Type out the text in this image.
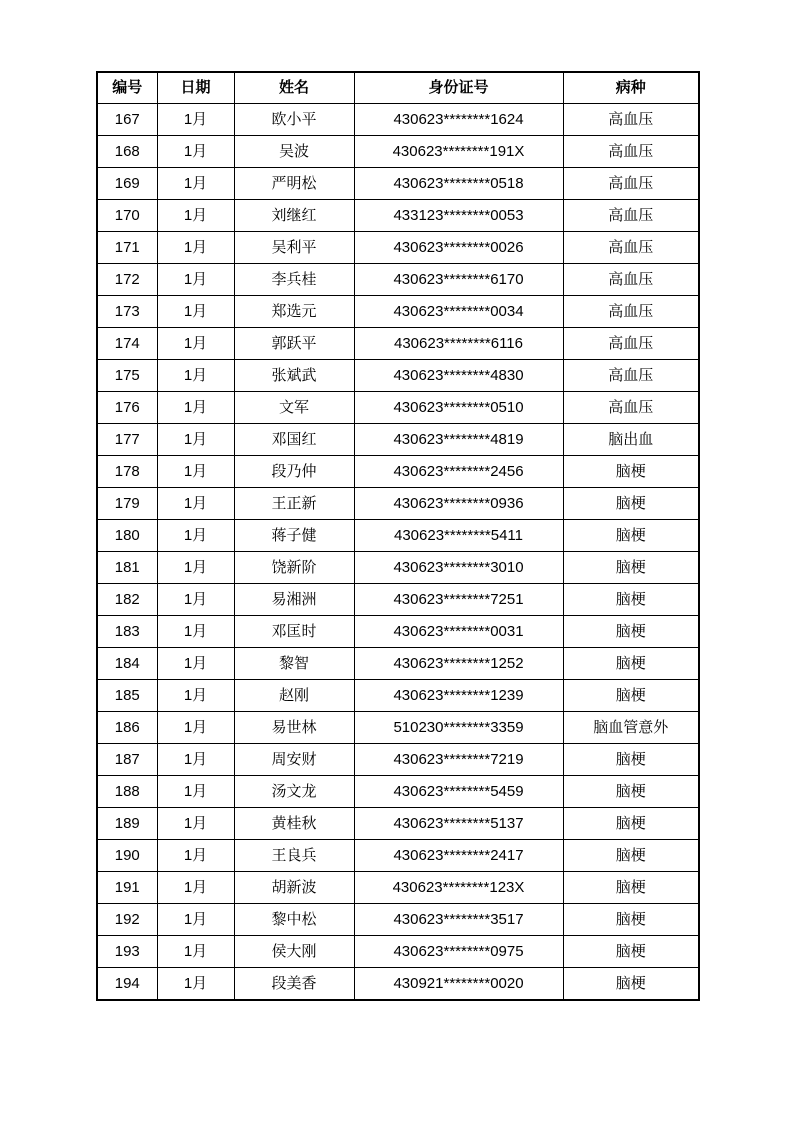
编号	日期	姓名	身份证号	病种
167	1月	欧小平	430623********1624	高血压
168	1月	吴波	430623********191X	高血压
169	1月	严明松	430623********0518	高血压
170	1月	刘继红	433123********0053	高血压
171	1月	吴利平	430623********0026	高血压
172	1月	李兵桂	430623********6170	高血压
173	1月	郑选元	430623********0034	高血压
174	1月	郭跃平	430623********6116	高血压
175	1月	张斌武	430623********4830	高血压
176	1月	文军	430623********0510	高血压
177	1月	邓国红	430623********4819	脑出血
178	1月	段乃仲	430623********2456	脑梗
179	1月	王正新	430623********0936	脑梗
180	1月	蒋子健	430623********5411	脑梗
181	1月	饶新阶	430623********3010	脑梗
182	1月	易湘洲	430623********7251	脑梗
183	1月	邓匡时	430623********0031	脑梗
184	1月	黎智	430623********1252	脑梗
185	1月	赵刚	430623********1239	脑梗
186	1月	易世林	510230********3359	脑血管意外
187	1月	周安财	430623********7219	脑梗
188	1月	汤文龙	430623********5459	脑梗
189	1月	黄桂秋	430623********5137	脑梗
190	1月	王良兵	430623********2417	脑梗
191	1月	胡新波	430623********123X	脑梗
192	1月	黎中松	430623********3517	脑梗
193	1月	侯大刚	430623********0975	脑梗
194	1月	段美香	430921********0020	脑梗
